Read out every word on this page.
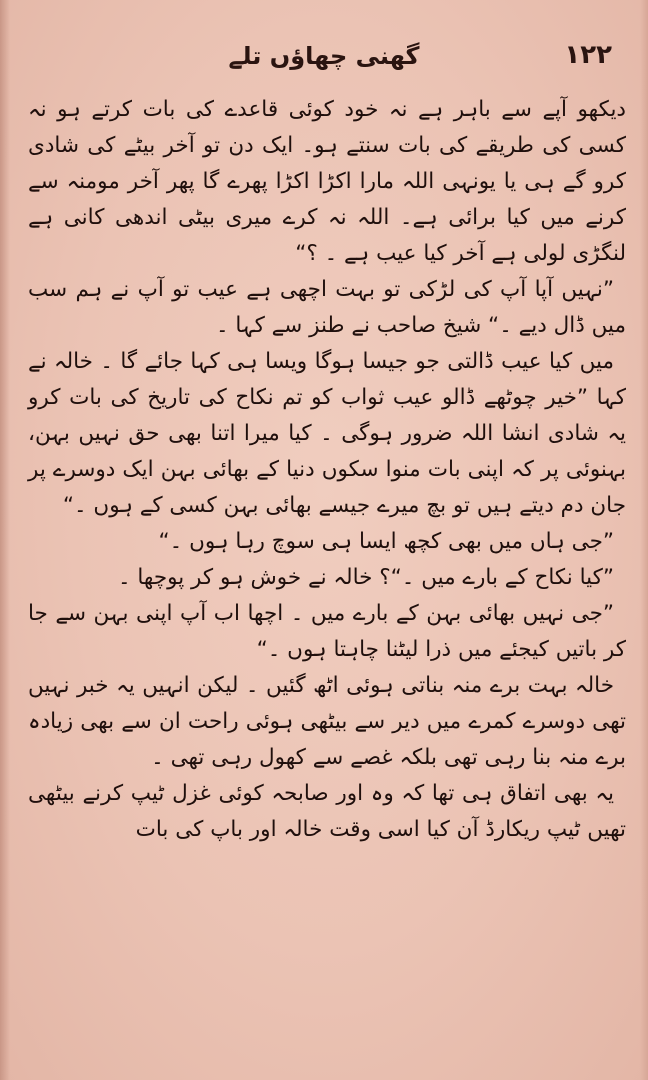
۱۲۲
گھنی چھاؤں تلے

دیکھو آپے سے باہر ہے نہ خود کوئی قاعدے کی بات کرتے ہو نہ کسی کی طریقے کی بات سنتے ہو۔ ایک دن تو آخر بیٹے کی شادی کرو گے ہی یا یونہی اللہ مارا اکڑا اکڑا پھرے گا پھر آخر مومنہ سے کرنے میں کیا برائی ہے۔ اللہ نہ کرے میری بیٹی اندھی کانی ہے لنگڑی لولی ہے آخر کیا عیب ہے ۔ ؟“

”نہیں آپا آپ کی لڑکی تو بہت اچھی ہے عیب تو آپ نے ہم سب میں ڈال دیے ۔“ شیخ صاحب نے طنز سے کہا ۔

میں کیا عیب ڈالتی جو جیسا ہوگا ویسا ہی کہا جائے گا ۔ خالہ نے کہا ”خیر چوٹھے ڈالو عیب ثواب کو تم نکاح کی تاریخ کی بات کرو یہ شادی انشا اللہ ضرور ہوگی ۔ کیا میرا اتنا بھی حق نہیں بہن، بہنوئی پر کہ اپنی بات منوا سکوں دنیا کے بھائی بہن ایک دوسرے پر جان دم دیتے ہیں تو بچ میرے جیسے بھائی بہن کسی کے ہوں ۔“

”جی ہاں میں بھی کچھ ایسا ہی سوچ رہا ہوں ۔“

”کیا نکاح کے بارے میں ۔“؟ خالہ نے خوش ہو کر پوچھا ۔

”جی نہیں بھائی بہن کے بارے میں ۔ اچھا اب آپ اپنی بہن سے جا کر باتیں کیجئے میں ذرا لیٹنا چاہتا ہوں ۔“

خالہ بہت برے منہ بناتی ہوئی اٹھ گئیں ۔ لیکن انہیں یہ خبر نہیں تھی دوسرے کمرے میں دیر سے بیٹھی ہوئی راحت ان سے بھی زیادہ برے منہ بنا رہی تھی بلکہ غصے سے کھول رہی تھی ۔

یہ بھی اتفاق ہی تھا کہ وہ اور صابحہ کوئی غزل ٹیپ کرنے بیٹھی تھیں ٹیپ ریکارڈ آن کیا اسی وقت خالہ اور باپ کی بات
